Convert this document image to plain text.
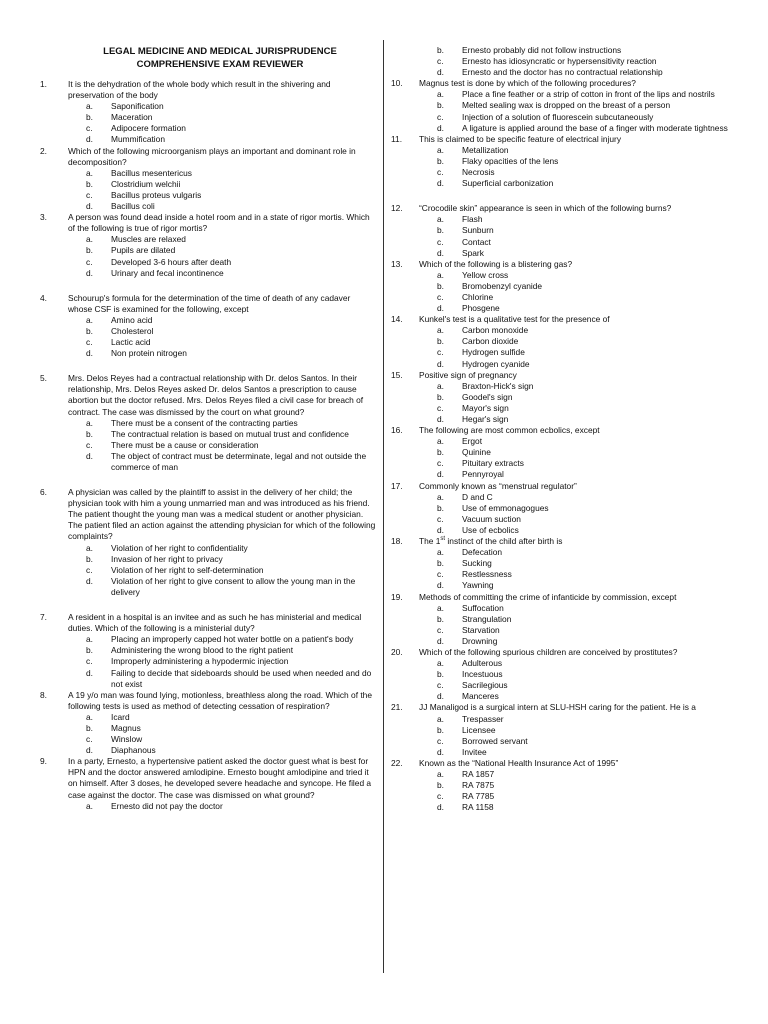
LEGAL MEDICINE AND MEDICAL JURISPRUDENCE
COMPREHENSIVE EXAM REVIEWER
1.	It is the dehydration of the whole body which result in the shivering and preservation of the body
a.	Saponification
b.	Maceration
c.	Adipocere formation
d.	Mummification
2.	Which of the following microorganism plays an important and dominant role in decomposition?
a.	Bacillus mesentericus
b.	Clostridium welchii
c.	Bacillus proteus vulgaris
d.	Bacillus coli
3.	A person was found dead inside a hotel room and in a state of rigor mortis. Which of the following is true of rigor mortis?
a.	Muscles are relaxed
b.	Pupils are dilated
c.	Developed 3-6 hours after death
d.	Urinary and fecal incontinence
4.	Schourup's formula for the determination of the time of death of any cadaver whose CSF is examined for the following, except
a.	Amino acid
b.	Cholesterol
c.	Lactic acid
d.	Non protein nitrogen
5.	Mrs. Delos Reyes had a contractual relationship with Dr. delos Santos. In their relationship, Mrs. Delos Reyes asked Dr. delos Santos a prescription to cause abortion but the doctor refused. Mrs. Delos Reyes filed a civil case for breach of contract. The case was dismissed by the court on what ground?
a.	There must be a consent of the contracting parties
b.	The contractual relation is based on mutual trust and confidence
c.	There must be a cause or consideration
d.	The object of contract must be determinate, legal and not outside the commerce of man
6.	A physician was called by the plaintiff to assist in the delivery of her child; the physician took with him a young unmarried man and was introduced as his friend. The patient thought the young man was a medical student or another physician. The patient filed an action against the attending physician for which of the following complaints?
a.	Violation of her right to confidentiality
b.	Invasion of her right to privacy
c.	Violation of her right to self-determination
d.	Violation of her right to give consent to allow the young man in the delivery
7.	A resident in a hospital is an invitee and as such he has ministerial and medical duties. Which of the following is a ministerial duty?
a.	Placing an improperly capped hot water bottle on a patient's body
b.	Administering the wrong blood to the right patient
c.	Improperly administering a hypodermic injection
d.	Failing to decide that sideboards should be used when needed and do not exist
8.	A 19 y/o man was found lying, motionless, breathless along the road. Which of the following tests is used as method of detecting cessation of respiration?
a.	Icard
b.	Magnus
c.	Winslow
d.	Diaphanous
9.	In a party, Ernesto, a hypertensive patient asked the doctor guest what is best for HPN and the doctor answered amlodipine. Ernesto bought amlodipine and tried it on himself. After 3 doses, he developed severe headache and syncope. He filed a case against the doctor. The case was dismissed on what ground?
a.	Ernesto did not pay the doctor
b.	Ernesto probably did not follow instructions
c.	Ernesto has idiosyncratic or hypersensitivity reaction
d.	Ernesto and the doctor has no contractual relationship
10.	Magnus test is done by which of the following procedures?
a.	Place a fine feather or a strip of cotton in front of the lips and nostrils
b.	Melted sealing wax is dropped on the breast of a person
c.	Injection of a solution of fluorescein subcutaneously
d.	A ligature is applied around the base of a finger with moderate tightness
11.	This is claimed to be specific feature of electrical injury
a.	Metallization
b.	Flaky opacities of the lens
c.	Necrosis
d.	Superficial carbonization
12.	“Crocodile skin” appearance is seen in which of the following burns?
a.	Flash
b.	Sunburn
c.	Contact
d.	Spark
13.	Which of the following is a blistering gas?
a.	Yellow cross
b.	Bromobenzyl cyanide
c.	Chlorine
d.	Phosgene
14.	Kunkel's test is a qualitative test for the presence of
a.	Carbon monoxide
b.	Carbon dioxide
c.	Hydrogen sulfide
d.	Hydrogen cyanide
15.	Positive sign of pregnancy
a.	Braxton-Hick's sign
b.	Goodel's sign
c.	Mayor's sign
d.	Hegar's sign
16.	The following are most common ecbolics, except
a.	Ergot
b.	Quinine
c.	Pituitary extracts
d.	Pennyroyal
17.	Commonly known as “menstrual regulator”
a.	D and C
b.	Use of emmonagogues
c.	Vacuum suction
d.	Use of ecbolics
18.	The 1st instinct of the child after birth is
a.	Defecation
b.	Sucking
c.	Restlessness
d.	Yawning
19.	Methods of committing the crime of infanticide by commission, except
a.	Suffocation
b.	Strangulation
c.	Starvation
d.	Drowning
20.	Which of the following spurious children are conceived by prostitutes?
a.	Adulterous
b.	Incestuous
c.	Sacrilegious
d.	Manceres
21.	JJ Manaligod is a surgical intern at SLU-HSH caring for the patient. He is a
a.	Trespasser
b.	Licensee
c.	Borrowed servant
d.	Invitee
22.	Known as the “National Health Insurance Act of 1995”
a.	RA 1857
b.	RA 7875
c.	RA 7785
d.	RA 1158
